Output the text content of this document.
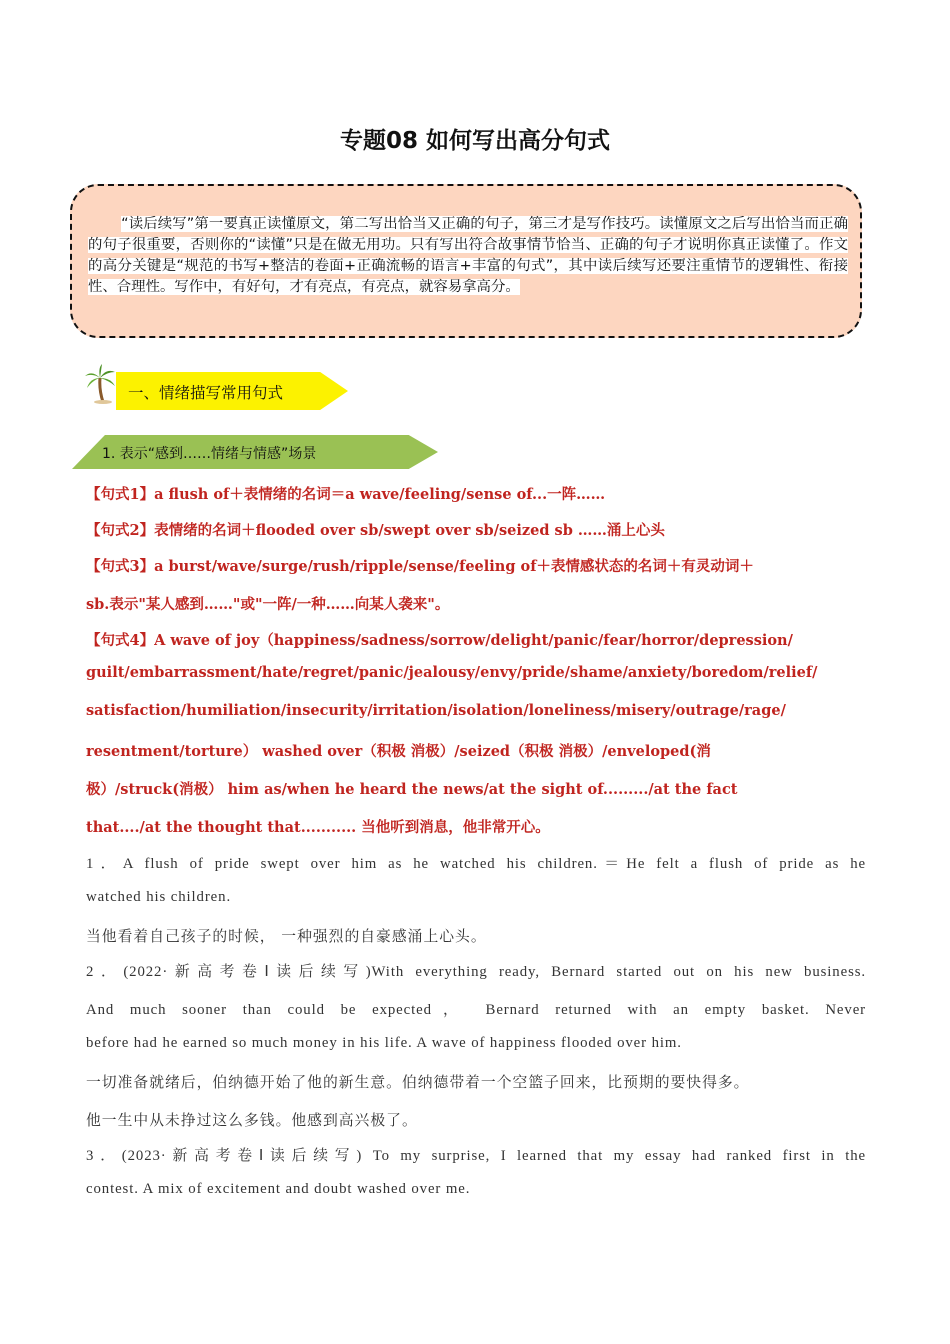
专题08 如何写出高分句式
“读后续写”第一要真正读懂原文，第二写出恰当又正确的句子，第三才是写作技巧。读懂原文之后写出恰当而正确的句子很重要，否则你的“读懂”只是在做无用功。只有写出符合故事情节恰当、正确的句子才说明你真正读懂了。作文的高分关键是“规范的书写+整洁的卷面+正确流畅的语言+丰富的句式”，其中读后续写还要注重情节的逻辑性、衔接性、合理性。写作中，有好句，才有亮点，有亮点，就容易拿高分。
一、情绪描写常用句式
1. 表示“感到……情绪与情感”场景
【句式1】a flush of＋表情绪的名词＝a wave/feeling/sense of...一阵……
【句式2】表情绪的名词＋flooded over sb/swept over sb/seized sb ……涌上心头
【句式3】a burst/wave/surge/rush/ripple/sense/feeling of＋表情感状态的名词＋有灵动词＋
sb.表示"某人感到……"或"一阵/一种……向某人袭来"。
【句式4】A wave of joy（happiness/sadness/sorrow/delight/panic/fear/horror/depression/
guilt/embarrassment/hate/regret/panic/jealousy/envy/pride/shame/anxiety/boredom/relief/
satisfaction/humiliation/insecurity/irritation/isolation/loneliness/misery/outrage/rage/
resentment/torture） washed over（积极 消极）/seized（积极 消极）/enveloped(消
极）/struck(消极） him as/when he heard the news/at the sight of........./at the fact
that..../at the thought that........... 当他听到消息，他非常开心。
1．A flush of pride swept over him as he watched his children.＝He felt a flush of pride as he
watched his children.
当他看着自己孩子的时候， 一种强烈的自豪感涌上心头。
2．(2022·新高考卷Ⅰ读后续写)With everything ready, Bernard started out on his new business.
And much sooner than could be expected， Bernard returned with an empty basket. Never
before had he earned so much money in his life. A wave of happiness flooded over him.
一切准备就绪后，伯纳德开始了他的新生意。伯纳德带着一个空篮子回来，比预期的要快得多。
他一生中从未挣过这么多钱。他感到高兴极了。
3．(2023·新高考卷Ⅰ读后续写) To my surprise, I learned that my essay had ranked first in the
contest. A mix of excitement and doubt washed over me.
